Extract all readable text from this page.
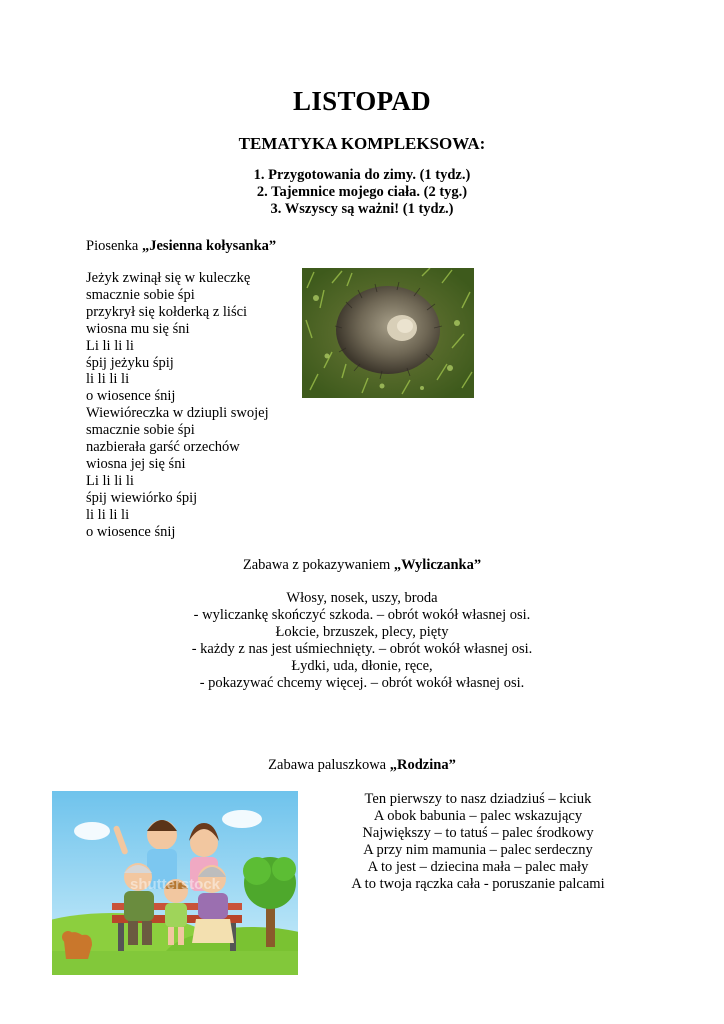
LISTOPAD
TEMATYKA KOMPLEKSOWA:
1. Przygotowania do zimy. (1 tydz.)
2. Tajemnice mojego ciała. (2 tyg.)
3. Wszyscy są ważni! (1 tydz.)
Piosenka „Jesienna kołysanka”
Jeżyk zwinął się w kuleczkę
smacznie sobie śpi
przykrył się kołderką z liści
wiosna mu się śni
Li li li li
śpij jeżyku śpij
li li li li
o wiosence śnij
Wiewióreczka w dziupli swojej
smacznie sobie śpi
nazbierała garść orzechów
wiosna jej się śni
Li li li li
śpij wiewiórko śpij
li li li li
o wiosence śnij
Zabawa z pokazywaniem „Wyliczanka”
Włosy, nosek, uszy, broda
- wyliczankę skończyć szkoda. – obrót wokół własnej osi.
Łokcie, brzuszek, plecy, pięty
- każdy z nas jest uśmiechnięty. – obrót wokół własnej osi.
Łydki, uda, dłonie, ręce,
- pokazywać chcemy więcej. – obrót wokół własnej osi.
Zabawa paluszkowa „Rodzina”
shutterstock
Ten pierwszy to nasz dziadziuś – kciuk
A obok babunia – palec wskazujący
Największy – to tatuś – palec środkowy
A przy nim mamunia – palec serdeczny
A to jest – dziecina mała – palec mały
A to twoja rączka cała - poruszanie palcami
